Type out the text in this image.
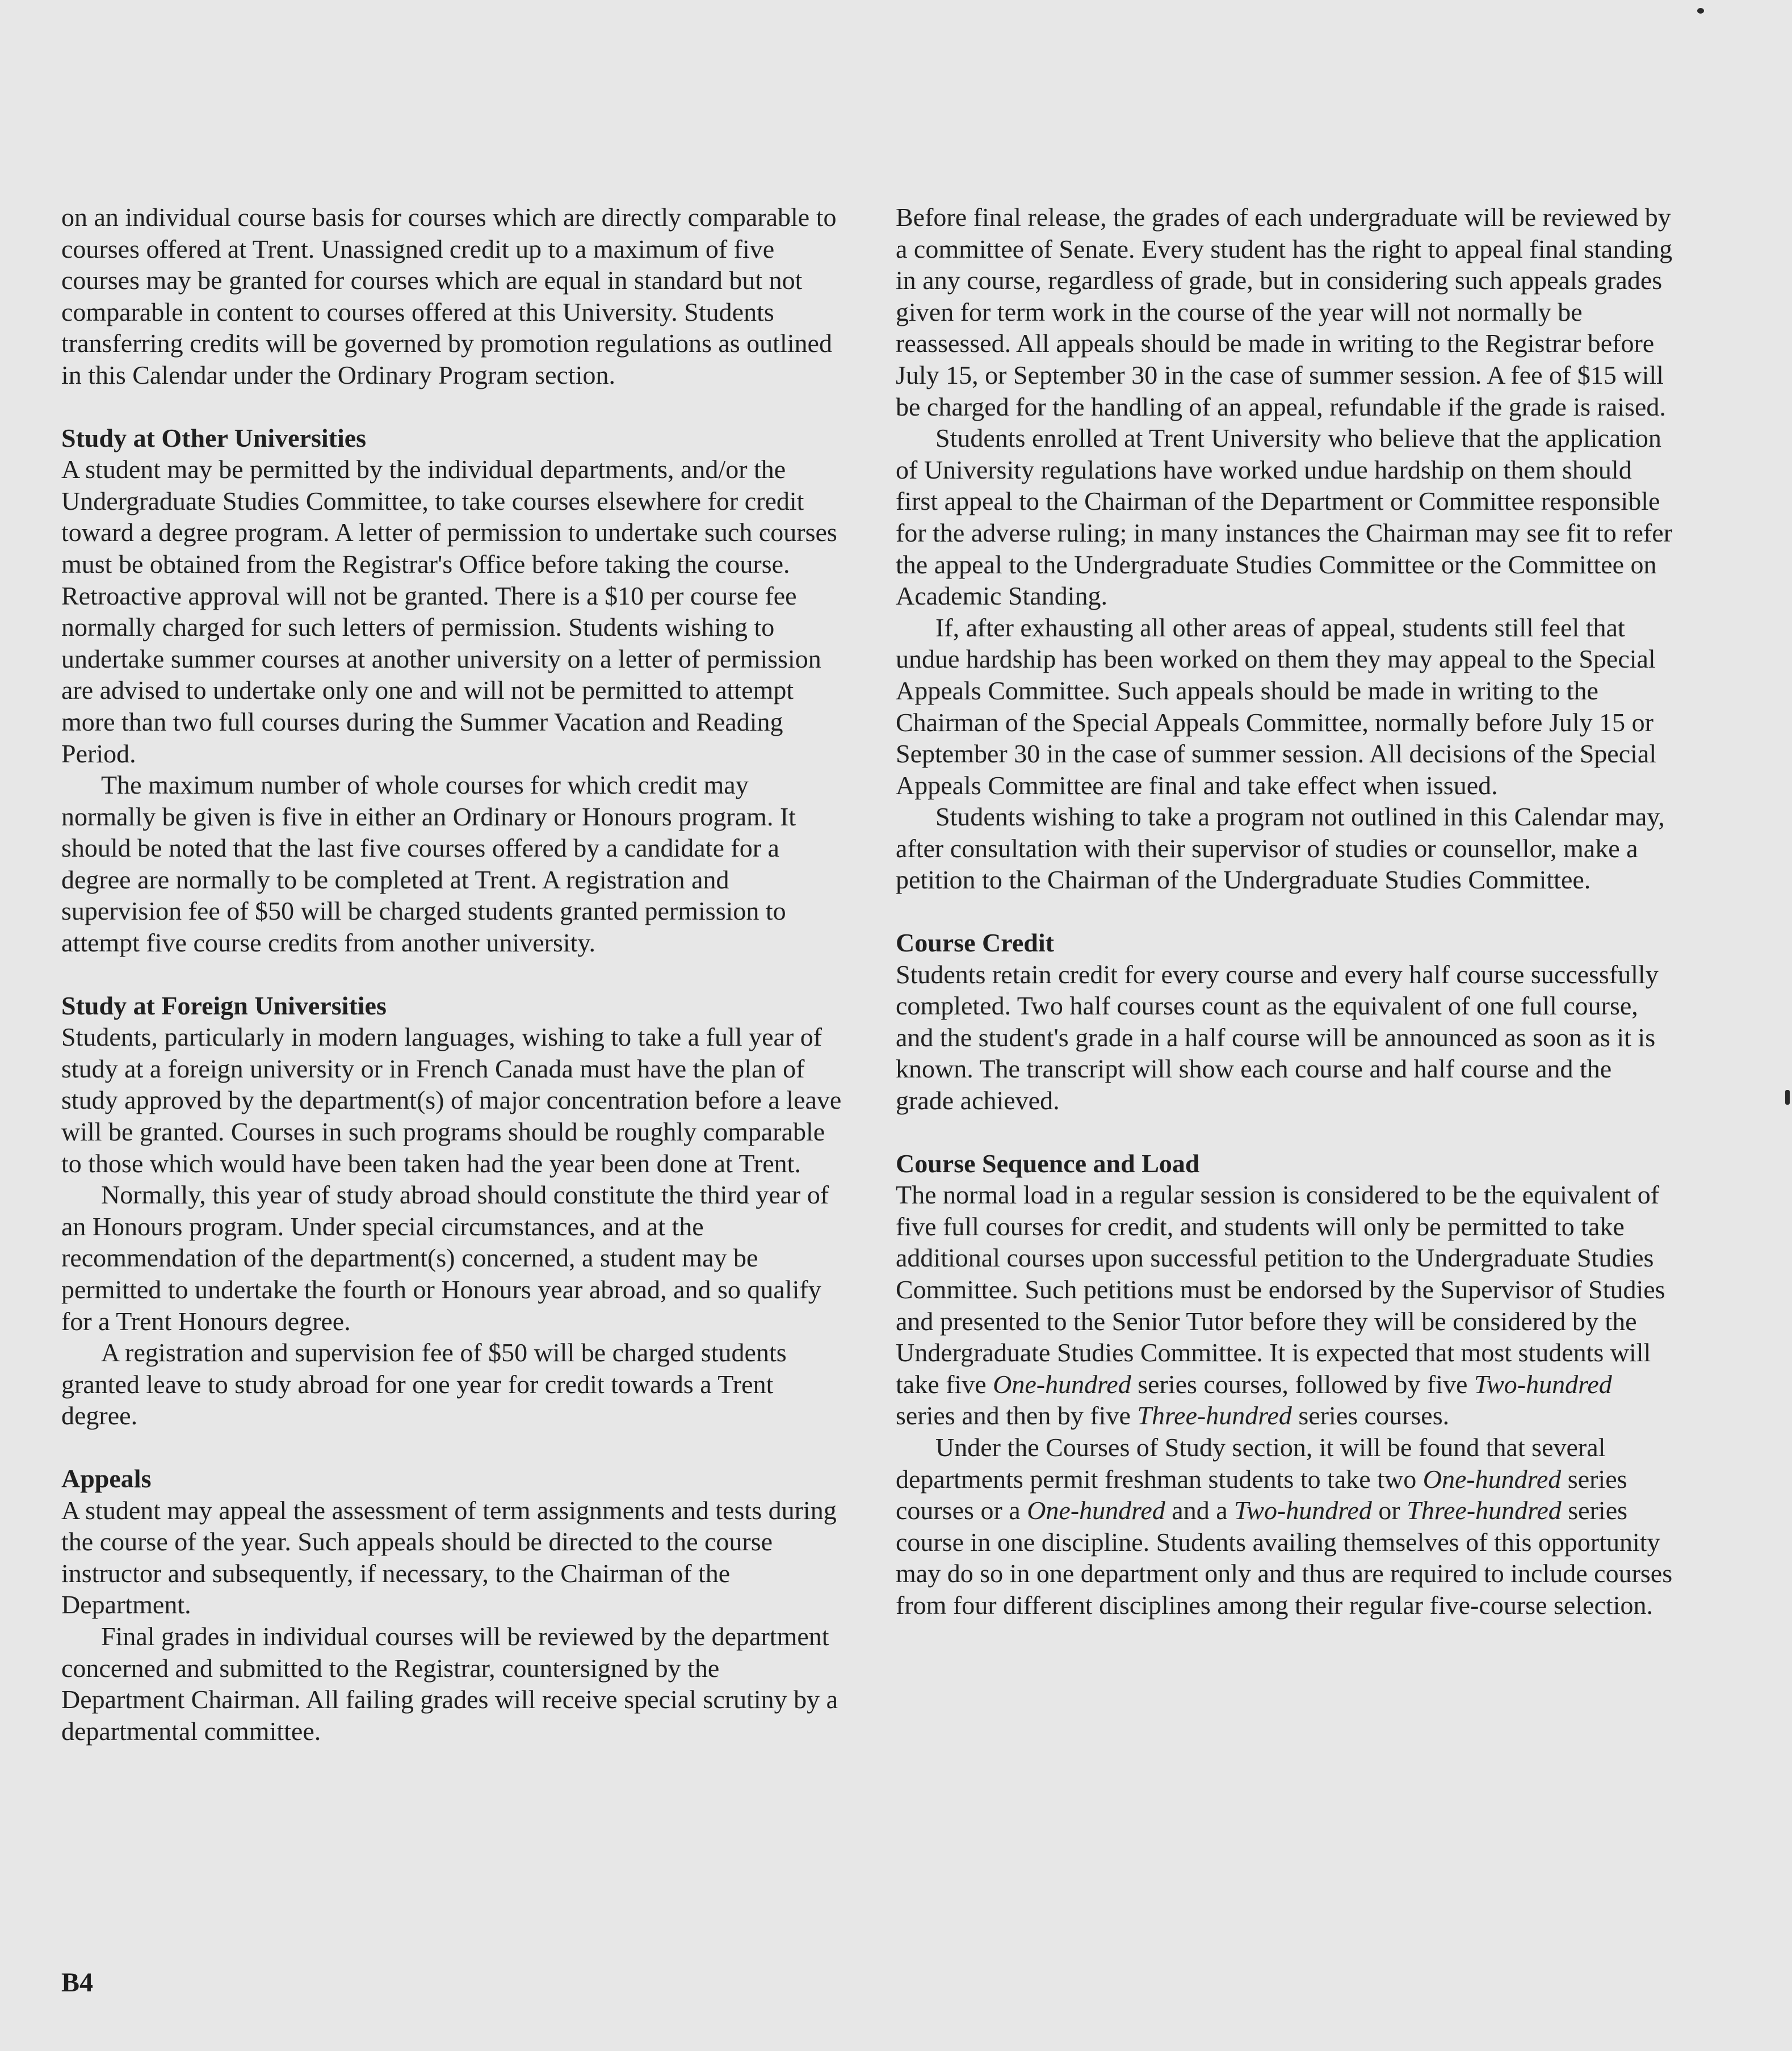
on an individual course basis for courses which are directly comparable to courses offered at Trent. Unassigned credit up to a maximum of five courses may be granted for courses which are equal in standard but not comparable in content to courses offered at this University. Students transferring credits will be governed by promotion regulations as outlined in this Calendar under the Ordinary Program section.

Study at Other Universities

A student may be permitted by the individual departments, and/or the Undergraduate Studies Committee, to take courses elsewhere for credit toward a degree program. A letter of permission to undertake such courses must be obtained from the Registrar's Office before taking the course. Retroactive approval will not be granted. There is a $10 per course fee normally charged for such letters of permission. Students wishing to undertake summer courses at another university on a letter of permission are advised to undertake only one and will not be permitted to attempt more than two full courses during the Summer Vacation and Reading Period.

The maximum number of whole courses for which credit may normally be given is five in either an Ordinary or Honours program. It should be noted that the last five courses offered by a candidate for a degree are normally to be completed at Trent. A registration and supervision fee of $50 will be charged students granted permission to attempt five course credits from another university.

Study at Foreign Universities

Students, particularly in modern languages, wishing to take a full year of study at a foreign university or in French Canada must have the plan of study approved by the department(s) of major concentration before a leave will be granted. Courses in such programs should be roughly comparable to those which would have been taken had the year been done at Trent.

Normally, this year of study abroad should constitute the third year of an Honours program. Under special circumstances, and at the recommendation of the department(s) concerned, a student may be permitted to undertake the fourth or Honours year abroad, and so qualify for a Trent Honours degree.

A registration and supervision fee of $50 will be charged students granted leave to study abroad for one year for credit towards a Trent degree.

Appeals

A student may appeal the assessment of term assignments and tests during the course of the year. Such appeals should be directed to the course instructor and subsequently, if necessary, to the Chairman of the Department.

Final grades in individual courses will be reviewed by the department concerned and submitted to the Registrar, countersigned by the Department Chairman. All failing grades will receive special scrutiny by a departmental committee.

Before final release, the grades of each undergraduate will be reviewed by a committee of Senate. Every student has the right to appeal final standing in any course, regardless of grade, but in considering such appeals grades given for term work in the course of the year will not normally be reassessed. All appeals should be made in writing to the Registrar before July 15, or September 30 in the case of summer session. A fee of $15 will be charged for the handling of an appeal, refundable if the grade is raised.

Students enrolled at Trent University who believe that the application of University regulations have worked undue hardship on them should first appeal to the Chairman of the Department or Committee responsible for the adverse ruling; in many instances the Chairman may see fit to refer the appeal to the Undergraduate Studies Committee or the Committee on Academic Standing.

If, after exhausting all other areas of appeal, students still feel that undue hardship has been worked on them they may appeal to the Special Appeals Committee. Such appeals should be made in writing to the Chairman of the Special Appeals Committee, normally before July 15 or September 30 in the case of summer session. All decisions of the Special Appeals Committee are final and take effect when issued.

Students wishing to take a program not outlined in this Calendar may, after consultation with their supervisor of studies or counsellor, make a petition to the Chairman of the Undergraduate Studies Committee.

Course Credit

Students retain credit for every course and every half course successfully completed. Two half courses count as the equivalent of one full course, and the student's grade in a half course will be announced as soon as it is known. The transcript will show each course and half course and the grade achieved.

Course Sequence and Load

The normal load in a regular session is considered to be the equivalent of five full courses for credit, and students will only be permitted to take additional courses upon successful petition to the Undergraduate Studies Committee. Such petitions must be endorsed by the Supervisor of Studies and presented to the Senior Tutor before they will be considered by the Undergraduate Studies Committee. It is expected that most students will take five One-hundred series courses, followed by five Two-hundred series and then by five Three-hundred series courses.

Under the Courses of Study section, it will be found that several departments permit freshman students to take two One-hundred series courses or a One-hundred and a Two-hundred or Three-hundred series course in one discipline. Students availing themselves of this opportunity may do so in one department only and thus are required to include courses from four different disciplines among their regular five-course selection.

B4
